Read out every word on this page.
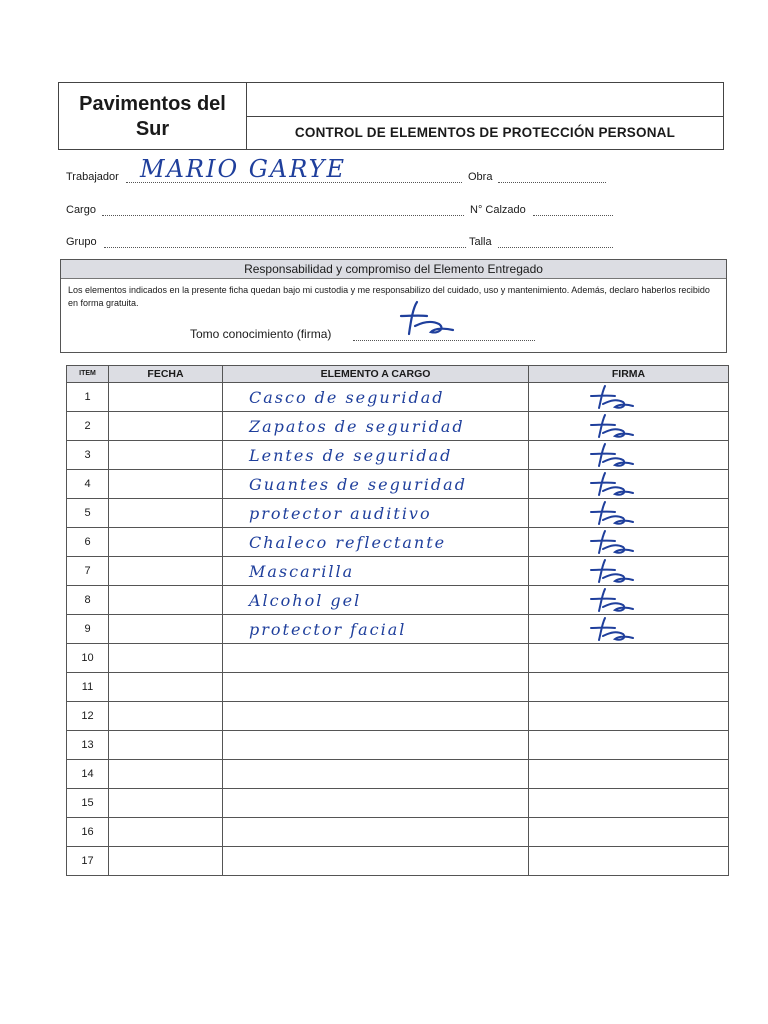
Pavimentos del
Sur	CONTROL DE ELEMENTOS DE PROTECCIÓN PERSONAL
Trabajador MARIO GARYE	Obra
Cargo	N° Calzado
Grupo	Talla
Responsabilidad y compromiso del Elemento Entregado
Los elementos indicados en la presente ficha quedan bajo mi custodia y me responsabilizo del cuidado, uso y mantenimiento. Además, declaro haberlos recibido en forma gratuita.
Tomo conocimiento (firma)
ITEM	FECHA	ELEMENTO A CARGO	FIRMA
1		Casco de seguridad	
2		Zapatos de seguridad	
3		Lentes de seguridad	
4		Guantes de seguridad	
5		protector auditivo	
6		Chaleco reflectante	
7		Mascarilla	
8		Alcohol gel	
9		protector facial	
10			
11			
12			
13			
14			
15			
16			
17			
